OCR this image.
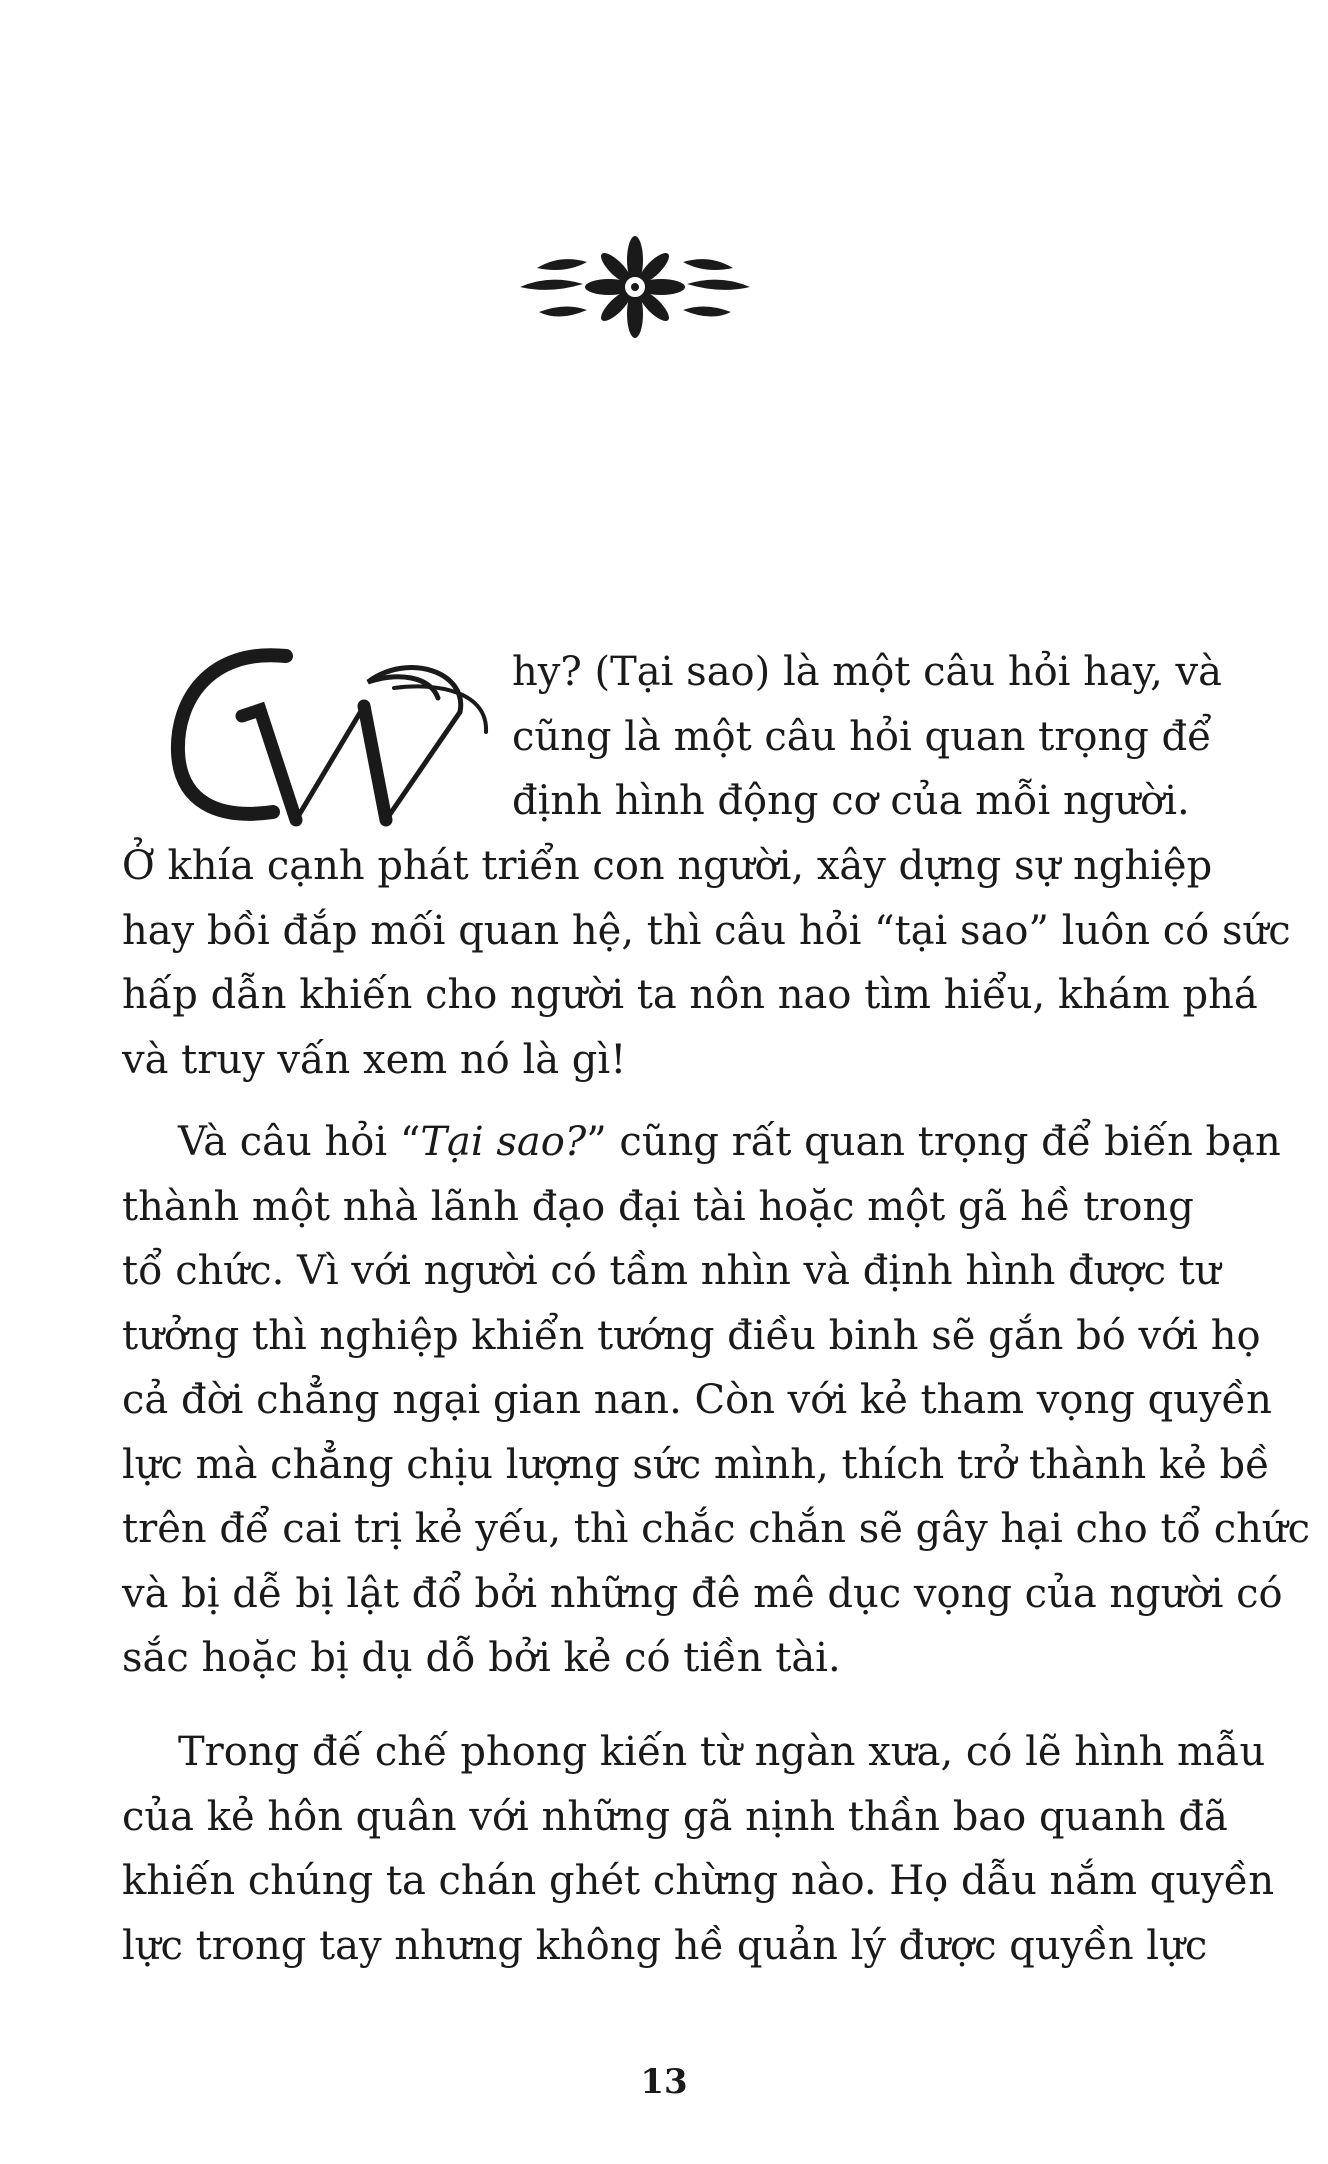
W
hy? (Tại sao) là một câu hỏi hay, và
cũng là một câu hỏi quan trọng để
định hình động cơ của mỗi người.
Ở khía cạnh phát triển con người, xây dựng sự nghiệp
hay bồi đắp mối quan hệ, thì câu hỏi “tại sao” luôn có sức
hấp dẫn khiến cho người ta nôn nao tìm hiểu, khám phá
và truy vấn xem nó là gì!
Và câu hỏi “Tại sao?” cũng rất quan trọng để biến bạn
thành một nhà lãnh đạo đại tài hoặc một gã hề trong
tổ chức. Vì với người có tầm nhìn và định hình được tư
tưởng thì nghiệp khiển tướng điều binh sẽ gắn bó với họ
cả đời chẳng ngại gian nan. Còn với kẻ tham vọng quyền
lực mà chẳng chịu lượng sức mình, thích trở thành kẻ bề
trên để cai trị kẻ yếu, thì chắc chắn sẽ gây hại cho tổ chức
và bị dễ bị lật đổ bởi những đê mê dục vọng của người có
sắc hoặc bị dụ dỗ bởi kẻ có tiền tài.
Trong đế chế phong kiến từ ngàn xưa, có lẽ hình mẫu
của kẻ hôn quân với những gã nịnh thần bao quanh đã
khiến chúng ta chán ghét chừng nào. Họ dẫu nắm quyền
lực trong tay nhưng không hề quản lý được quyền lực
13
